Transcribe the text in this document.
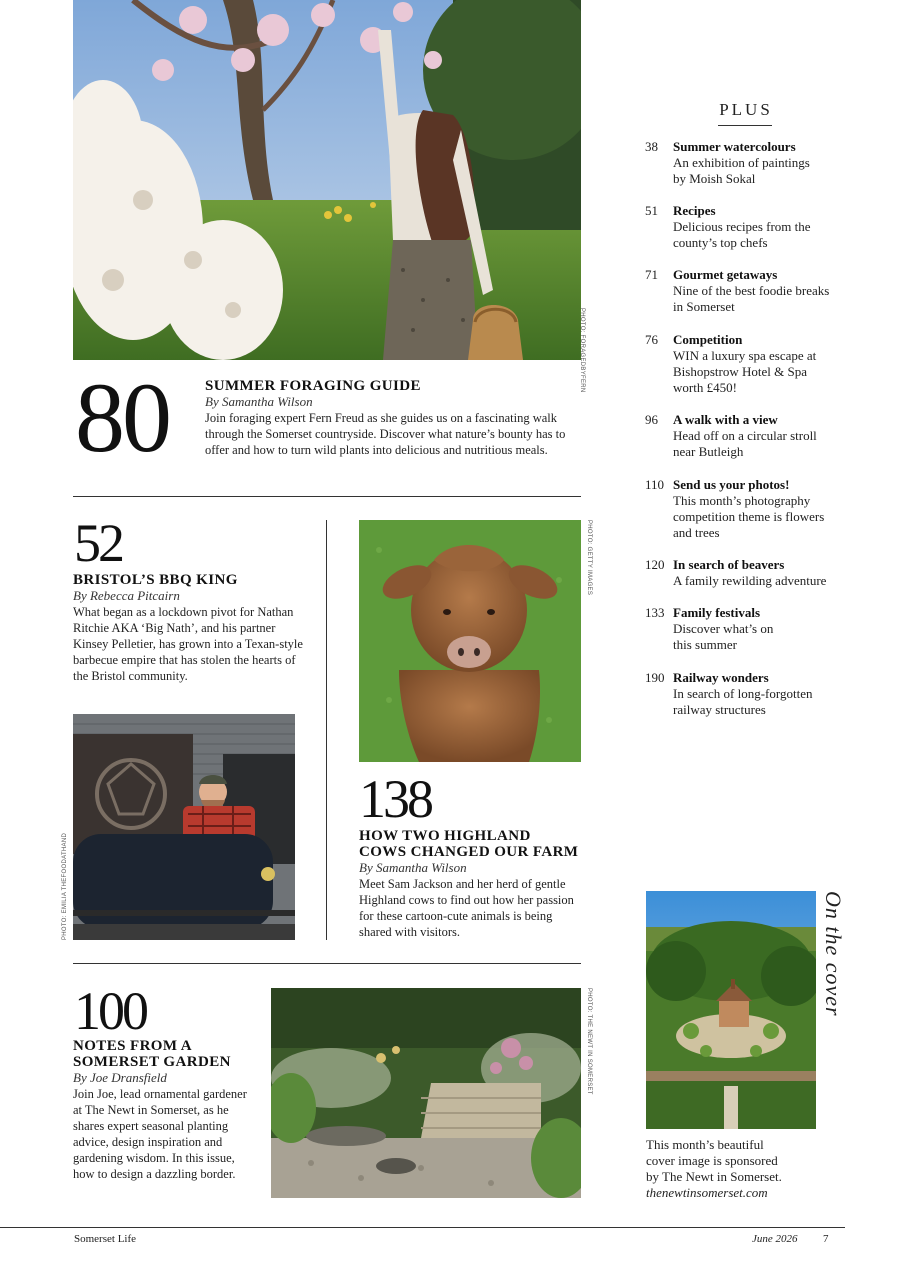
PHOTO: FORAGEDBYFERN
80 SUMMER FORAGING GUIDE
By Samantha Wilson
Join foraging expert Fern Freud as she guides us on a fascinating walk through the Somerset countryside. Discover what nature’s bounty has to offer and how to turn wild plants into delicious and nutritious meals.
52
BRISTOL’S BBQ KING
By Rebecca Pitcairn
What began as a lockdown pivot for Nathan Ritchie AKA ‘Big Nath’, and his partner Kinsey Pelletier, has grown into a Texan-style barbecue empire that has stolen the hearts of the Bristol community.
PHOTO: EMILIA THEFOODATHAND
PHOTO: GETTY IMAGES
138
HOW TWO HIGHLAND
COWS CHANGED OUR FARM
By Samantha Wilson
Meet Sam Jackson and her herd of gentle Highland cows to find out how her passion for these cartoon-cute animals is being shared with visitors.
100
NOTES FROM A
SOMERSET GARDEN
By Joe Dransfield
Join Joe, lead ornamental gardener at The Newt in Somerset, as he shares expert seasonal planting advice, design inspiration and gardening wisdom. In this issue, how to design a dazzling border.
PHOTO: THE NEWT IN SOMERSET
PLUS
38	Summer watercolours
An exhibition of paintings
by Moish Sokal
51	Recipes
Delicious recipes from the
county’s top chefs
71	Gourmet getaways
Nine of the best foodie breaks
in Somerset
76	Competition
WIN a luxury spa escape at
Bishopstrow Hotel & Spa
worth £450!
96	A walk with a view
Head off on a circular stroll
near Butleigh
110 Send us your photos!
This month’s photography
competition theme is flowers
and trees
120 In search of beavers
A family rewilding adventure
133 Family festivals
Discover what’s on
this summer
190 Railway wonders
In search of long-forgotten
railway structures
On the cover
This month’s beautiful
cover image is sponsored
by The Newt in Somerset.
thenewtinsomerset.com
Somerset Life	June 2026 7
